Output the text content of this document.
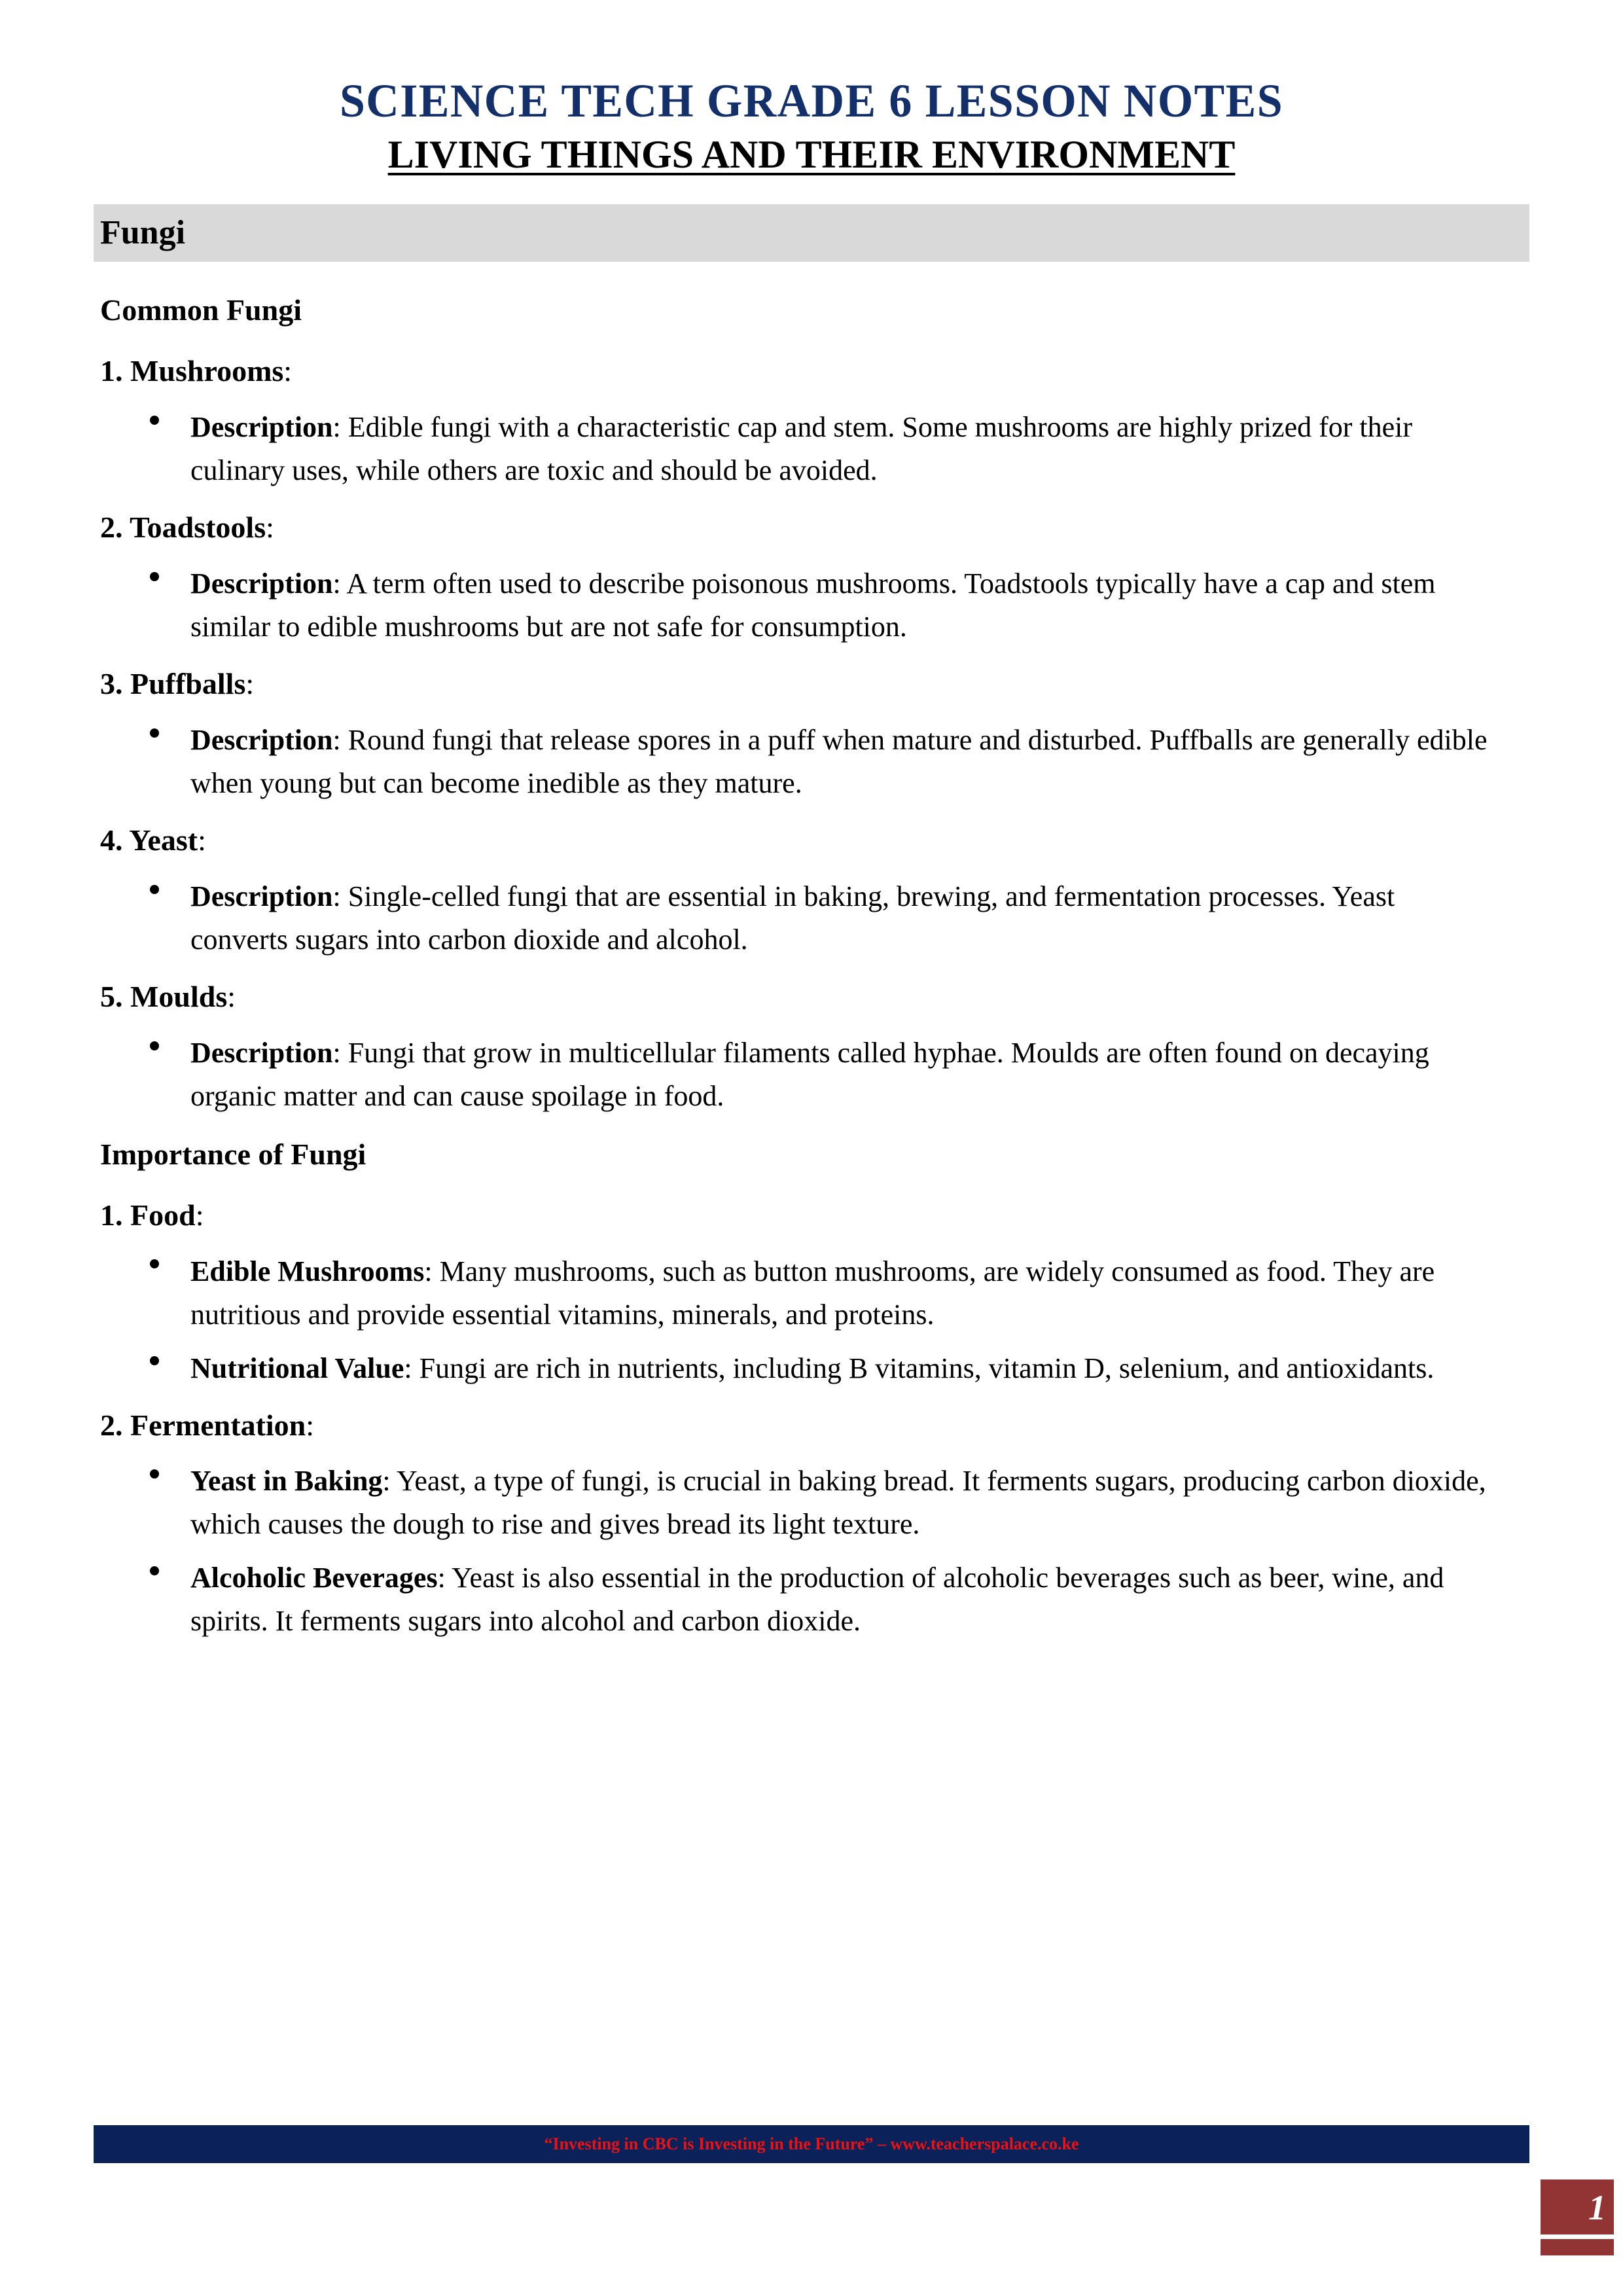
SCIENCE TECH GRADE 6 LESSON NOTES
LIVING THINGS AND THEIR ENVIRONMENT
Fungi
Common Fungi
1. Mushrooms:
Description: Edible fungi with a characteristic cap and stem. Some mushrooms are highly prized for their culinary uses, while others are toxic and should be avoided.
2. Toadstools:
Description: A term often used to describe poisonous mushrooms. Toadstools typically have a cap and stem similar to edible mushrooms but are not safe for consumption.
3. Puffballs:
Description: Round fungi that release spores in a puff when mature and disturbed. Puffballs are generally edible when young but can become inedible as they mature.
4. Yeast:
Description: Single-celled fungi that are essential in baking, brewing, and fermentation processes. Yeast converts sugars into carbon dioxide and alcohol.
5. Moulds:
Description: Fungi that grow in multicellular filaments called hyphae. Moulds are often found on decaying organic matter and can cause spoilage in food.
Importance of Fungi
1. Food:
Edible Mushrooms: Many mushrooms, such as button mushrooms, are widely consumed as food. They are nutritious and provide essential vitamins, minerals, and proteins.
Nutritional Value: Fungi are rich in nutrients, including B vitamins, vitamin D, selenium, and antioxidants.
2. Fermentation:
Yeast in Baking: Yeast, a type of fungi, is crucial in baking bread. It ferments sugars, producing carbon dioxide, which causes the dough to rise and gives bread its light texture.
Alcoholic Beverages: Yeast is also essential in the production of alcoholic beverages such as beer, wine, and spirits. It ferments sugars into alcohol and carbon dioxide.
“Investing in CBC is Investing in the Future” – www.teacherspalace.co.ke
1
